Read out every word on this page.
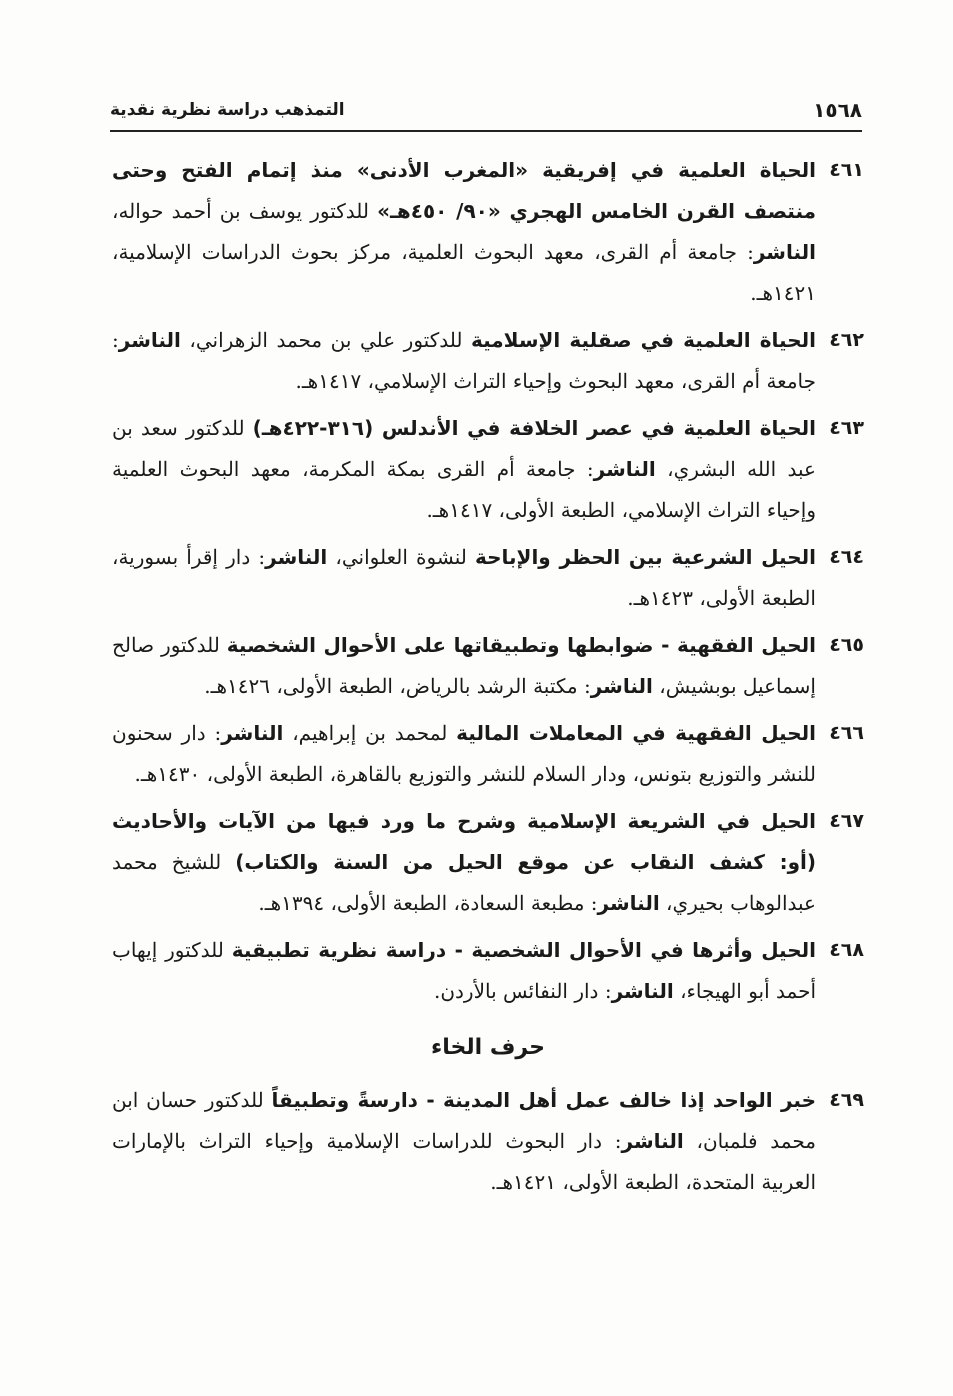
١٥٦٨
التمذهب دراسة نظرية نقدية
٤٦١
الحياة العلمية في إفريقية «المغرب الأدنى» منذ إتمام الفتح وحتى منتصف القرن الخامس الهجري «٩٠/ ٤٥٠هـ» للدكتور يوسف بن أحمد حواله، الناشر: جامعة أم القرى، معهد البحوث العلمية، مركز بحوث الدراسات الإسلامية، ١٤٢١هـ.
٤٦٢
الحياة العلمية في صقلية الإسلامية للدكتور علي بن محمد الزهراني، الناشر: جامعة أم القرى، معهد البحوث وإحياء التراث الإسلامي، ١٤١٧هـ.
٤٦٣
الحياة العلمية في عصر الخلافة في الأندلس (٣١٦-٤٢٢هـ) للدكتور سعد بن عبد الله البشري، الناشر: جامعة أم القرى بمكة المكرمة، معهد البحوث العلمية وإحياء التراث الإسلامي، الطبعة الأولى، ١٤١٧هـ.
٤٦٤
الحيل الشرعية بين الحظر والإباحة لنشوة العلواني، الناشر: دار إقرأ بسورية، الطبعة الأولى، ١٤٢٣هـ.
٤٦٥
الحيل الفقهية - ضوابطها وتطبيقاتها على الأحوال الشخصية للدكتور صالح إسماعيل بوبشيش، الناشر: مكتبة الرشد بالرياض، الطبعة الأولى، ١٤٢٦هـ.
٤٦٦
الحيل الفقهية في المعاملات المالية لمحمد بن إبراهيم، الناشر: دار سحنون للنشر والتوزيع بتونس، ودار السلام للنشر والتوزيع بالقاهرة، الطبعة الأولى، ١٤٣٠هـ.
٤٦٧
الحيل في الشريعة الإسلامية وشرح ما ورد فيها من الآيات والأحاديث (أو: كشف النقاب عن موقع الحيل من السنة والكتاب) للشيخ محمد عبدالوهاب بحيري، الناشر: مطبعة السعادة، الطبعة الأولى، ١٣٩٤هـ.
٤٦٨
الحيل وأثرها في الأحوال الشخصية - دراسة نظرية تطبيقية للدكتور إيهاب أحمد أبو الهيجاء، الناشر: دار النفائس بالأردن.
حرف الخاء
٤٦٩
خبر الواحد إذا خالف عمل أهل المدينة - دارسةً وتطبيقاً للدكتور حسان ابن محمد فلمبان، الناشر: دار البحوث للدراسات الإسلامية وإحياء التراث بالإمارات العربية المتحدة، الطبعة الأولى، ١٤٢١هـ.
